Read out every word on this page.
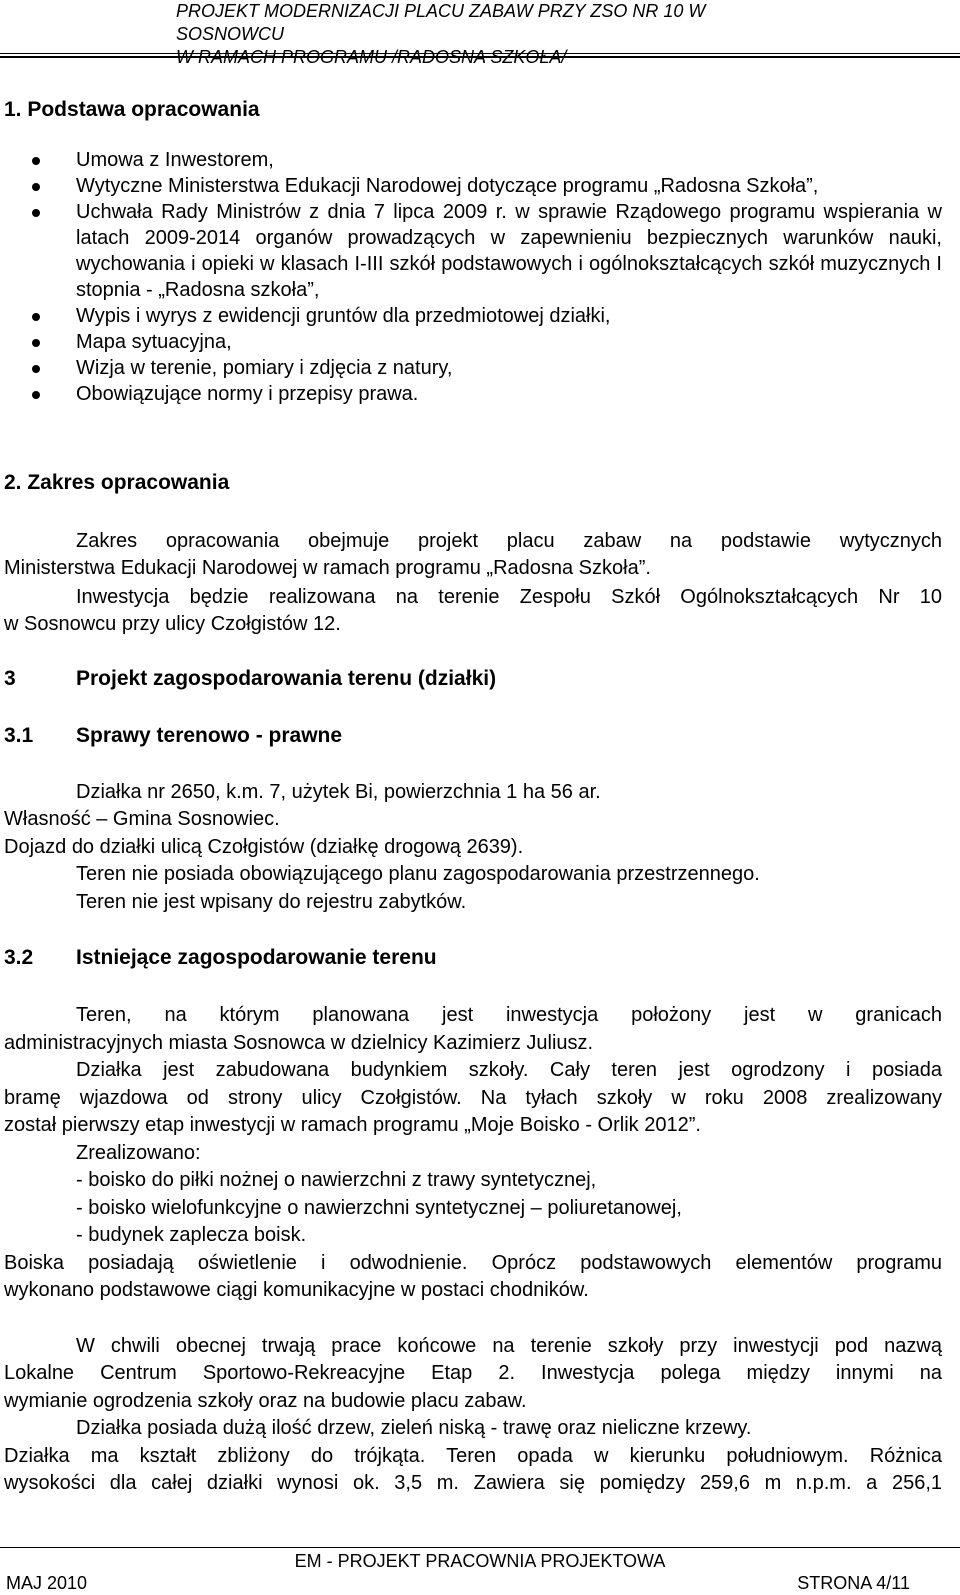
PROJEKT MODERNIZACJI PLACU ZABAW PRZY ZSO NR 10 W SOSNOWCU
W RAMACH PROGRAMU /RADOSNA SZKOŁA/
1. Podstawa opracowania
Umowa z Inwestorem,
Wytyczne Ministerstwa Edukacji Narodowej dotyczące programu „Radosna Szkoła”,
Uchwała Rady Ministrów z dnia 7 lipca 2009 r. w sprawie Rządowego programu wspierania w latach 2009-2014 organów prowadzących w zapewnieniu bezpiecznych warunków nauki, wychowania i opieki w klasach I-III szkół podstawowych i ogólnokształcących szkół muzycznych I stopnia - „Radosna szkoła”,
Wypis i wyrys z ewidencji gruntów dla przedmiotowej działki,
Mapa sytuacyjna,
Wizja w terenie, pomiary i zdjęcia z natury,
Obowiązujące normy i przepisy prawa.
2. Zakres opracowania
Zakres opracowania obejmuje projekt placu zabaw na podstawie wytycznych
Ministerstwa Edukacji Narodowej w ramach programu „Radosna Szkoła”.
Inwestycja będzie realizowana na terenie Zespołu Szkół Ogólnokształcących Nr 10
w Sosnowcu przy ulicy Czołgistów 12.
3	Projekt zagospodarowania terenu (działki)
3.1 Sprawy terenowo - prawne
Działka nr 2650, k.m. 7, użytek Bi, powierzchnia 1 ha 56 ar.
Własność – Gmina Sosnowiec.
Dojazd do działki ulicą Czołgistów (działkę drogową 2639).
Teren nie posiada obowiązującego planu zagospodarowania przestrzennego.
Teren nie jest wpisany do rejestru zabytków.
3.2 Istniejące zagospodarowanie terenu
Teren, na którym planowana jest inwestycja położony jest w granicach
administracyjnych miasta Sosnowca w dzielnicy Kazimierz Juliusz.
Działka jest zabudowana budynkiem szkoły. Cały teren jest ogrodzony i posiada
bramę wjazdowa od strony ulicy Czołgistów. Na tyłach szkoły w roku 2008 zrealizowany
został pierwszy etap inwestycji w ramach programu „Moje Boisko - Orlik 2012”.
Zrealizowano:
- boisko do piłki nożnej o nawierzchni z trawy syntetycznej,
- boisko wielofunkcyjne o nawierzchni syntetycznej – poliuretanowej,
- budynek zaplecza boisk.
Boiska posiadają oświetlenie i odwodnienie. Oprócz podstawowych elementów programu
wykonano podstawowe ciągi komunikacyjne w postaci chodników.
W chwili obecnej trwają prace końcowe na terenie szkoły przy inwestycji pod nazwą
Lokalne Centrum Sportowo-Rekreacyjne Etap 2. Inwestycja polega między innymi na
wymianie ogrodzenia szkoły oraz na budowie placu zabaw.
Działka posiada dużą ilość drzew, zieleń niską - trawę oraz nieliczne krzewy.
Działka ma kształt zbliżony do trójkąta. Teren opada w kierunku południowym. Różnica
wysokości dla całej działki wynosi ok. 3,5 m. Zawiera się pomiędzy 259,6 m n.p.m. a 256,1
EM - PROJEKT PRACOWNIA PROJEKTOWA
MAJ 2010	STRONA 4/11
